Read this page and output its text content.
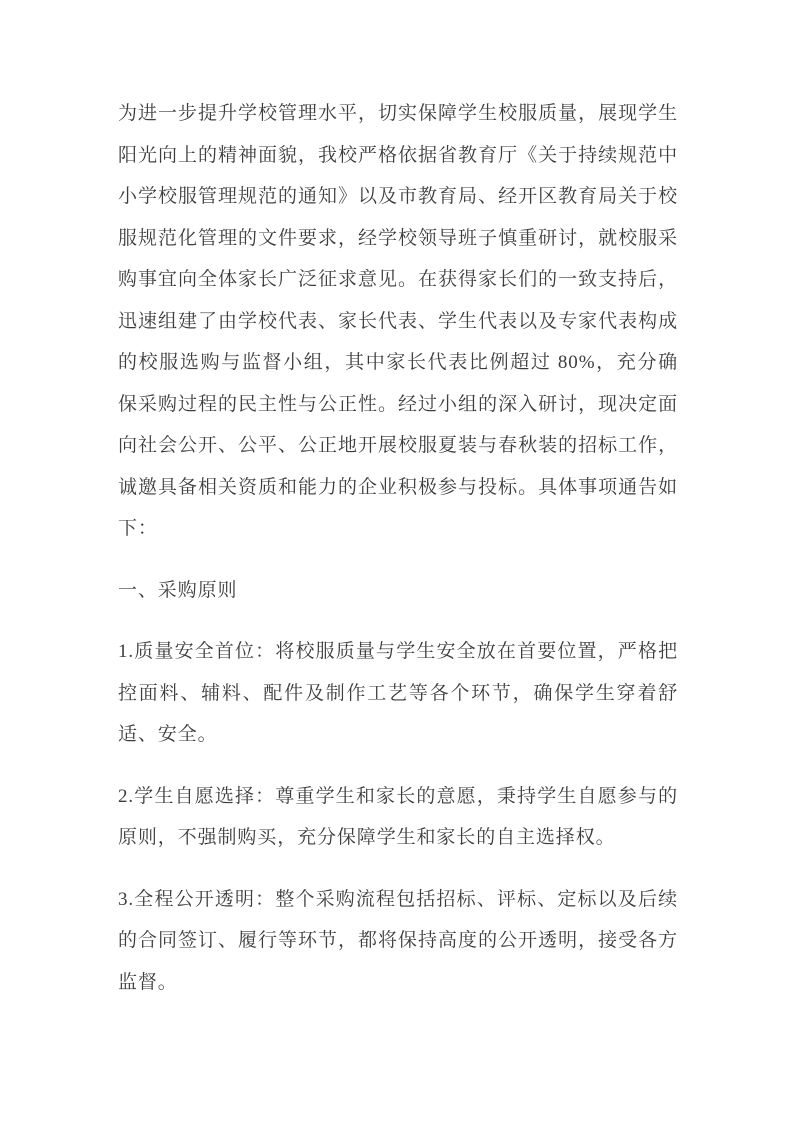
为进一步提升学校管理水平，切实保障学生校服质量，展现学生阳光向上的精神面貌，我校严格依据省教育厅《关于持续规范中小学校服管理规范的通知》以及市教育局、经开区教育局关于校服规范化管理的文件要求，经学校领导班子慎重研讨，就校服采购事宜向全体家长广泛征求意见。在获得家长们的一致支持后，迅速组建了由学校代表、家长代表、学生代表以及专家代表构成的校服选购与监督小组，其中家长代表比例超过 80%，充分确保采购过程的民主性与公正性。经过小组的深入研讨，现决定面向社会公开、公平、公正地开展校服夏装与春秋装的招标工作，诚邀具备相关资质和能力的企业积极参与投标。具体事项通告如下：

一、采购原则

1.质量安全首位：将校服质量与学生安全放在首要位置，严格把控面料、辅料、配件及制作工艺等各个环节，确保学生穿着舒适、安全。

2.学生自愿选择：尊重学生和家长的意愿，秉持学生自愿参与的原则，不强制购买，充分保障学生和家长的自主选择权。

3.全程公开透明：整个采购流程包括招标、评标、定标以及后续的合同签订、履行等环节，都将保持高度的公开透明，接受各方监督。
